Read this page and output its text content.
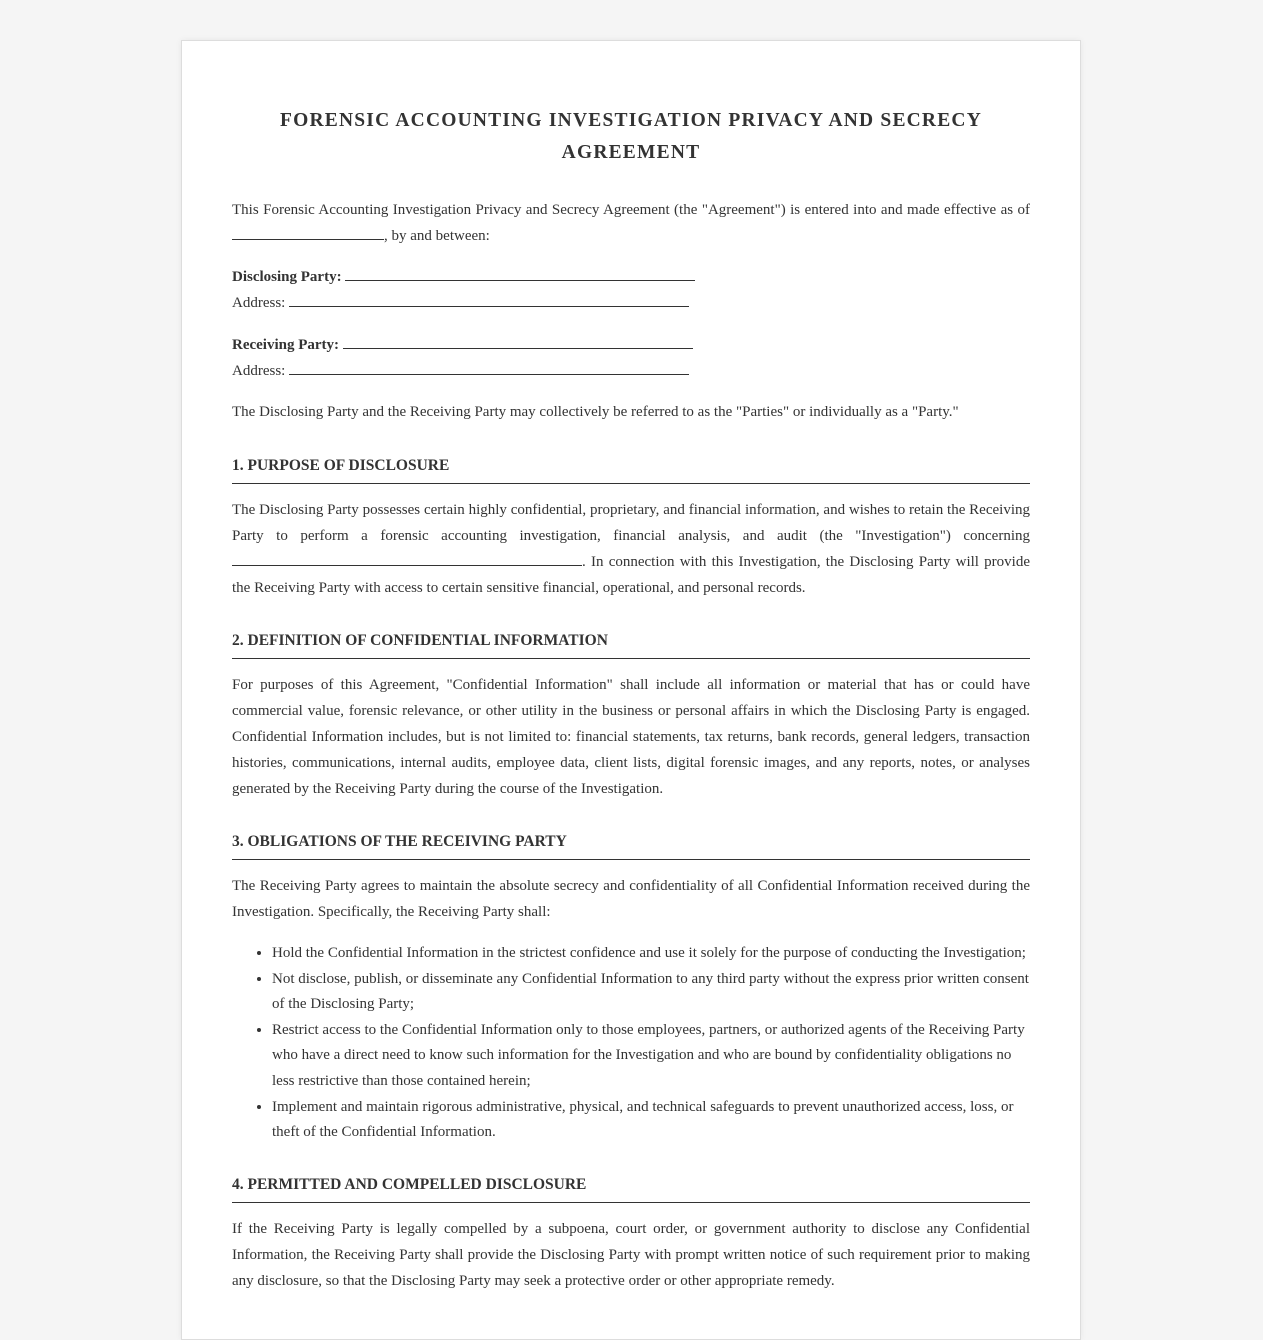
FORENSIC ACCOUNTING INVESTIGATION PRIVACY AND SECRECY AGREEMENT

This Forensic Accounting Investigation Privacy and Secrecy Agreement (the "Agreement") is entered into and made effective as of , by and between:

Disclosing Party:

Address:

Receiving Party:

Address:

The Disclosing Party and the Receiving Party may collectively be referred to as the "Parties" or individually as a "Party."

1. PURPOSE OF DISCLOSURE

The Disclosing Party possesses certain highly confidential, proprietary, and financial information, and wishes to retain the Receiving Party to perform a forensic accounting investigation, financial analysis, and audit (the "Investigation") concerning . In connection with this Investigation, the Disclosing Party will provide the Receiving Party with access to certain sensitive financial, operational, and personal records.

2. DEFINITION OF CONFIDENTIAL INFORMATION

For purposes of this Agreement, "Confidential Information" shall include all information or material that has or could have commercial value, forensic relevance, or other utility in the business or personal affairs in which the Disclosing Party is engaged. Confidential Information includes, but is not limited to: financial statements, tax returns, bank records, general ledgers, transaction histories, communications, internal audits, employee data, client lists, digital forensic images, and any reports, notes, or analyses generated by the Receiving Party during the course of the Investigation.

3. OBLIGATIONS OF THE RECEIVING PARTY

The Receiving Party agrees to maintain the absolute secrecy and confidentiality of all Confidential Information received during the Investigation. Specifically, the Receiving Party shall:

• Hold the Confidential Information in the strictest confidence and use it solely for the purpose of conducting the Investigation;
• Not disclose, publish, or disseminate any Confidential Information to any third party without the express prior written consent of the Disclosing Party;
• Restrict access to the Confidential Information only to those employees, partners, or authorized agents of the Receiving Party who have a direct need to know such information for the Investigation and who are bound by confidentiality obligations no less restrictive than those contained herein;
• Implement and maintain rigorous administrative, physical, and technical safeguards to prevent unauthorized access, loss, or theft of the Confidential Information.
4. PERMITTED AND COMPELLED DISCLOSURE

If the Receiving Party is legally compelled by a subpoena, court order, or government authority to disclose any Confidential Information, the Receiving Party shall provide the Disclosing Party with prompt written notice of such requirement prior to making any disclosure, so that the Disclosing Party may seek a protective order or other appropriate remedy.
